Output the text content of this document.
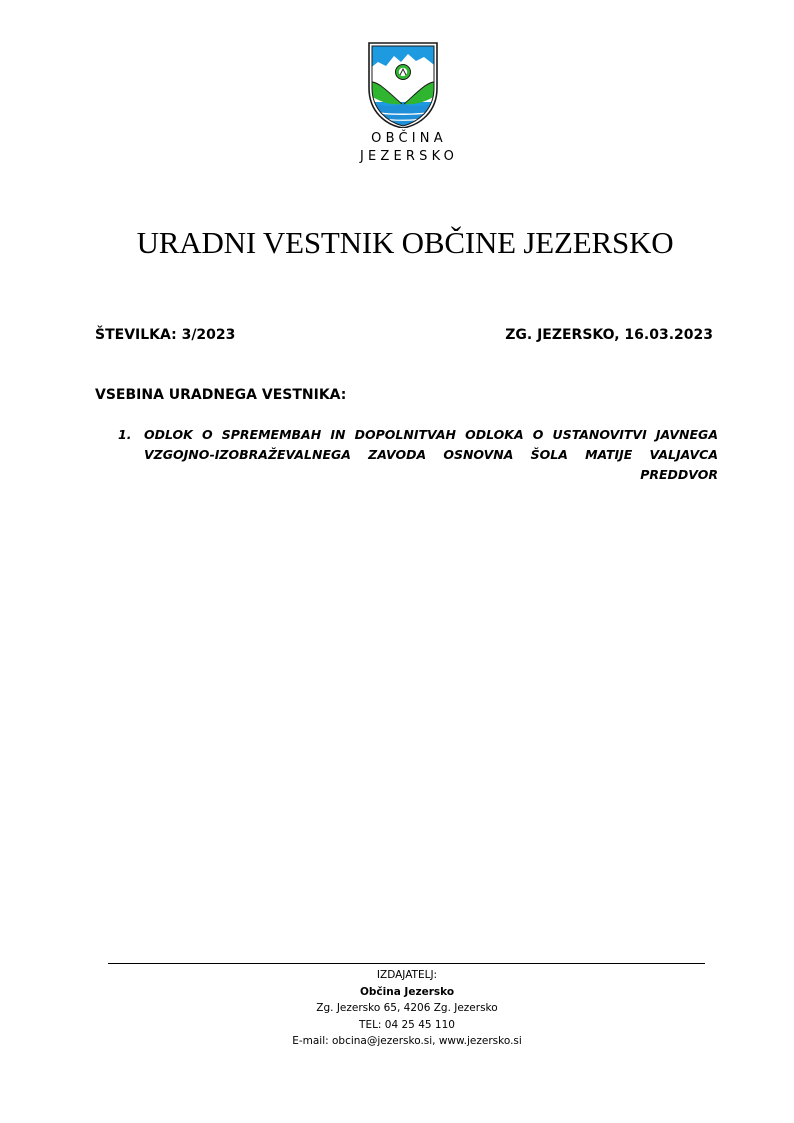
OBČINA
JEZERSKO
URADNI VESTNIK OBČINE JEZERSKO
ŠTEVILKA: 3/2023	ZG. JEZERSKO, 16.03.2023
VSEBINA URADNEGA VESTNIKA:
1. ODLOK O SPREMEMBAH IN DOPOLNITVAH ODLOKA O USTANOVITVI JAVNEGA VZGOJNO-IZOBRAŽEVALNEGA ZAVODA OSNOVNA ŠOLA MATIJE VALJAVCA PREDDVOR
IZDAJATELJ:
Občina Jezersko
Zg. Jezersko 65, 4206 Zg. Jezersko
TEL: 04 25 45 110
E-mail: obcina@jezersko.si, www.jezersko.si
